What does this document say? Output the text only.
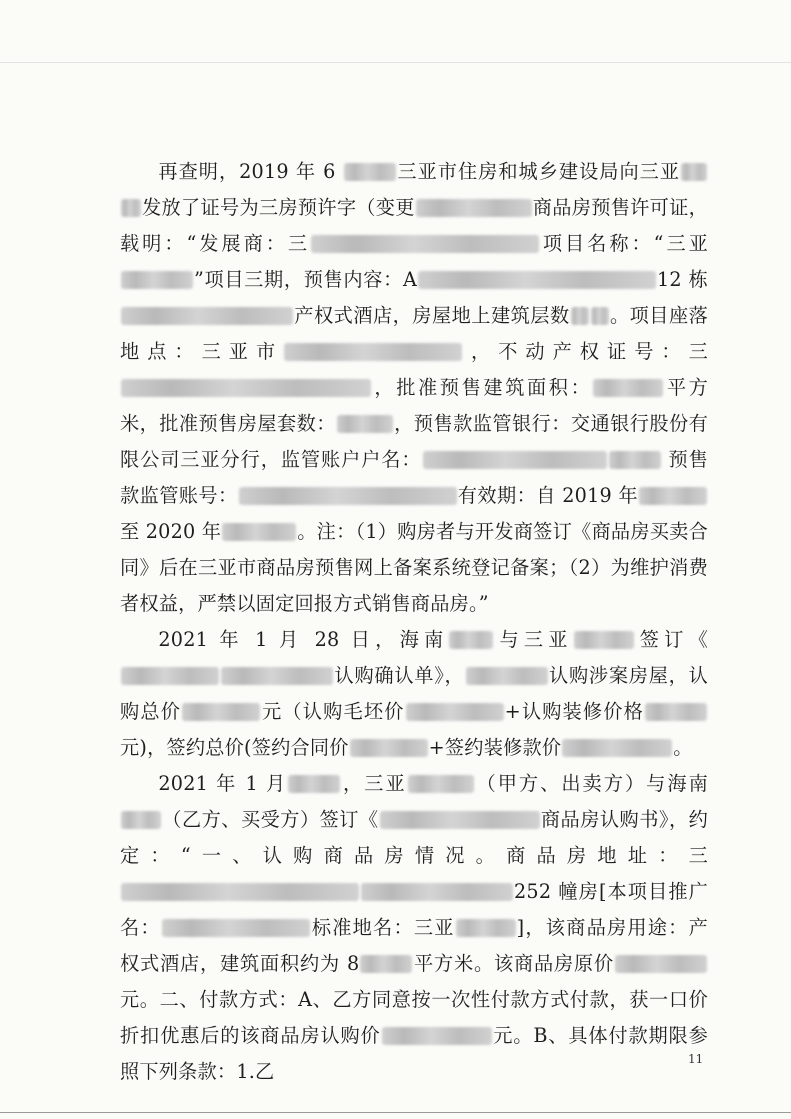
再查明，2019 年 6	三亚市住房和城乡建设局向三亚发放了证号为三房预许字（变更	商品房预售许可证，载明：“发展商：三	项目名称：“三亚”项目三期，预售内容：A	12 栋产权式酒店，房屋地上建筑层数 。项目座落地点：三亚市	，不动产权证号：三，批准预售建筑面积：	平方米，批准预售房屋套数：	，预售款监管银行：交通银行股份有限公司三亚分行，监管账户户名：	预售款监管账号：	有效期：自 2019 年至 2020 年	。注：（1）购房者与开发商签订《商品房买卖合同》后在三亚市商品房预售网上备案系统登记备案；（2）为维护消费者权益，严禁以固定回报方式销售商品房。”

2021 年 1 月 28 日，海南 与三亚	签订《认购确认单》，	认购涉案房屋，认购总价	元（认购毛坯价	+认购装修价格元)，签约总价(签约合同价	+签约装修款价	。

2021 年 1 月	，三亚	（甲方、出卖方）与海南（乙方、买受方）签订《	商品房认购书》，约定：“一、认购商品房情况。商品房地址：三252 幢房[本项目推广名：	标准地名：三亚	]，该商品房用途：产权式酒店，建筑面积约为 8	平方米。该商品房原价元。二、付款方式：A、乙方同意按一次性付款方式付款，获一口价折扣优惠后的该商品房认购价	元。B、具体付款期限参照下列条款：1.乙

11
